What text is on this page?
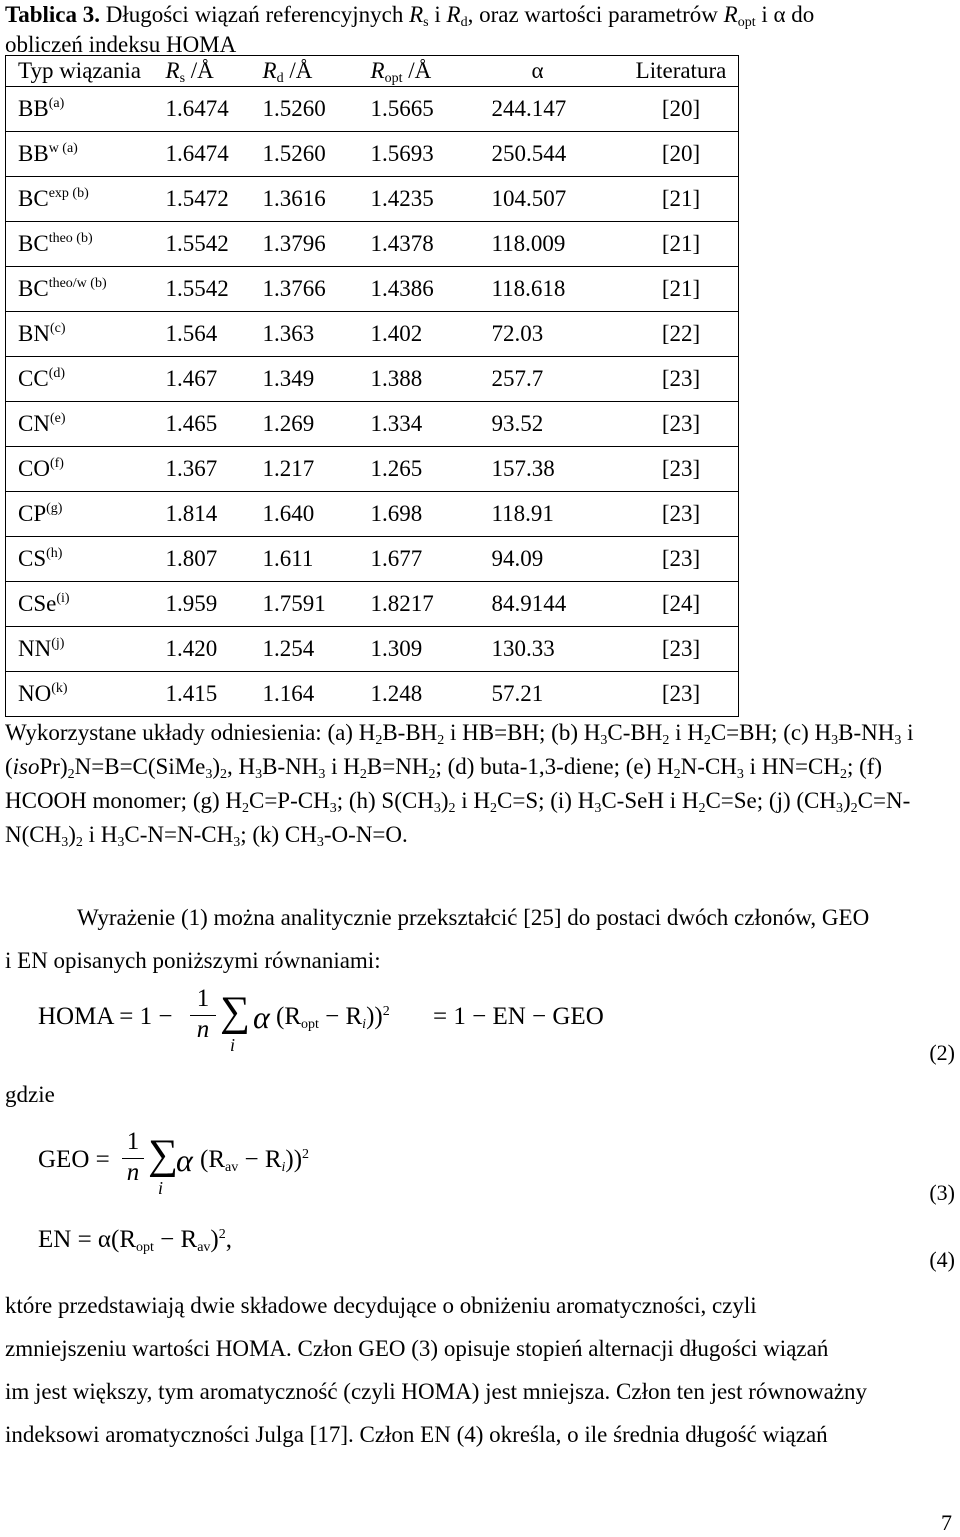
Tablica 3. Długości wiązań referencyjnych $R_s$ i $R_d$, oraz wartości parametrów $R_{opt}$ i α do
obliczeń indeksu HOMA
Typ wiązania	$R_s$ /Å	$R_d$ /Å	$R_{opt}$ /Å	α	Literatura
BB$^{(a)}$	1.6474	1.5260	1.5665	244.147	[20]
$BB^{w (a)}$	1.6474	1.5260	1.5693	250.544	[20]
$BC^{exp (b)}$	1.5472	1.3616	1.4235	104.507	[21]
$BC^{theo (b)}$	1.5542	1.3796	1.4378	118.009	[21]
$BC^{theo/w (b)}$	1.5542	1.3766	1.4386	118.618	[21]
BN$^{(c)}$	1.564	1.363	1.402	72.03	[22]
CC$^{(d)}$	1.467	1.349	1.388	257.7	[23]
CN$^{(e)}$	1.465	1.269	1.334	93.52	[23]
CO$^{(f)}$	1.367	1.217	1.265	157.38	[23]
CP$^{(g)}$	1.814	1.640	1.698	118.91	[23]
CS$^{(h)}$	1.807	1.611	1.677	94.09	[23]
CSe$^{(i)}$	1.959	1.7591	1.8217	84.9144	[24]
NN$^{(j)}$	1.420	1.254	1.309	130.33	[23]
NO$^{(k)}$	1.415	1.164	1.248	57.21	[23]
Wykorzystane układy odniesienia: (a) $H_2B-BH_2$ i HB=BH; (b) $H_3C-BH_2$ i $H_2C=BH$; (c) $H_3B-NH_3$ i $(isoPr)_2N=B=C(SiMe_3)_2$, $H_3B-NH_3$ i $H_2B=NH_2$; (d) buta-1,3-diene; (e) $H_2N-CH_3$ i $HN=CH_2$; (f) HCOOH monomer; (g) $H_2C=P-CH_3$; (h) $S(CH_3)_2$ i $H_2C=S$; (i) $H_3C$-SeH i $H_2C=Se$; (j) $(CH_3)_2C=N-N(CH_3)_2$ i $H_3C-N=N-CH_3$; (k) $CH_3-O-N=O$.
Wyrażenie (1) można analitycznie przekształcić [25] do postaci dwóch członów, GEO
i EN opisanych poniższymi równaniami:
HOMA = 1 −
1
n ∑
i
α $(R_{opt} - R_i))^2 = 1$ − EN − GEO
(2)
gdzie
GEO =
1
n ∑
i
α $(R_{av} - R_i))^2$
(3)
EN = $\alpha(R_{opt} - R_{av})^2$,
(4)
które przedstawiają dwie składowe decydujące o obniżeniu aromatyczności, czyli
zmniejszeniu wartości HOMA. Człon GEO (3) opisuje stopień alternacji długości wiązań
im jest większy, tym aromatyczność (czyli HOMA) jest mniejsza. Człon ten jest równoważny
indeksowi aromatyczności Julga [17]. Człon EN (4) określa, o ile średnia długość wiązań
7
